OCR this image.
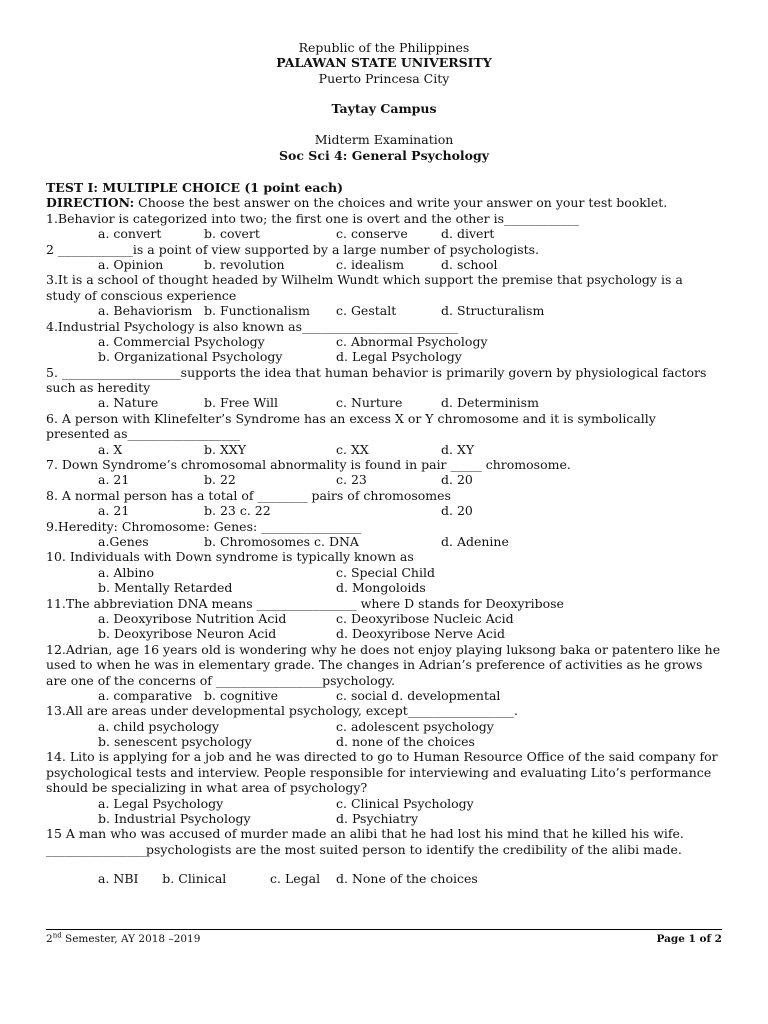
Republic of the Philippines
PALAWAN STATE UNIVERSITY
Puerto Princesa City
Taytay Campus
Midterm Examination
Soc Sci 4: General Psychology
TEST I: MULTIPLE CHOICE (1 point each)
DIRECTION: Choose the best answer on the choices and write your answer on your test booklet.
1.Behavior is categorized into two; the first one is overt and the other is____________
a. convert	b. covert	c. conserve	d. divert
2 ____________is a point of view supported by a large number of psychologists.
a. Opinion	b. revolution	c. idealism	d. school
3.It is a school of thought headed by Wilhelm Wundt which support the premise that psychology is a
study of conscious experience
a. Behaviorism b. Functionalism c. Gestalt	d. Structuralism
4.Industrial Psychology is also known as_________________________
a. Commercial Psychology	c. Abnormal Psychology
b. Organizational Psychology	d. Legal Psychology
5. ___________________supports the idea that human behavior is primarily govern by physiological factors
such as heredity
a. Nature	b. Free Will	c. Nurture	d. Determinism
6. A person with Klinefelter’s Syndrome has an excess X or Y chromosome and it is symbolically
presented as__________________
a. X	b. XXY	c. XX	d. XY
7. Down Syndrome’s chromosomal abnormality is found in pair _____ chromosome.
a. 21	b. 22	c. 23	d. 20
8. A normal person has a total of ________ pairs of chromosomes
a. 21	b. 23 c. 22	d. 20
9.Heredity: Chromosome: Genes: ________________
a.Genes	b. Chromosomes c. DNA	d. Adenine
10. Individuals with Down syndrome is typically known as
a. Albino	c. Special Child
b. Mentally Retarded	d. Mongoloids
11.The abbreviation DNA means ________________ where D stands for Deoxyribose
a. Deoxyribose Nutrition Acid	c. Deoxyribose Nucleic Acid
b. Deoxyribose Neuron Acid	d. Deoxyribose Nerve Acid
12.Adrian, age 16 years old is wondering why he does not enjoy playing luksong baka or patentero like he
used to when he was in elementary grade. The changes in Adrian’s preference of activities as he grows
are one of the concerns of _________________psychology.
a. comparative b. cognitive	c. social d. developmental
13.All are areas under developmental psychology, except_________________.
a. child psychology	c. adolescent psychology
b. senescent psychology	d. none of the choices
14. Lito is applying for a job and he was directed to go to Human Resource Office of the said company for
psychological tests and interview. People responsible for interviewing and evaluating Lito’s performance
should be specializing in what area of psychology?
a. Legal Psychology	c. Clinical Psychology
b. Industrial Psychology	d. Psychiatry
15 A man who was accused of murder made an alibi that he had lost his mind that he killed his wife.
________________psychologists are the most suited person to identify the credibility of the alibi made.
a. NBI      b. Clinical           c. Legal    d. None of the choices
2nd Semester, AY 2018 –2019	Page 1 of 2
